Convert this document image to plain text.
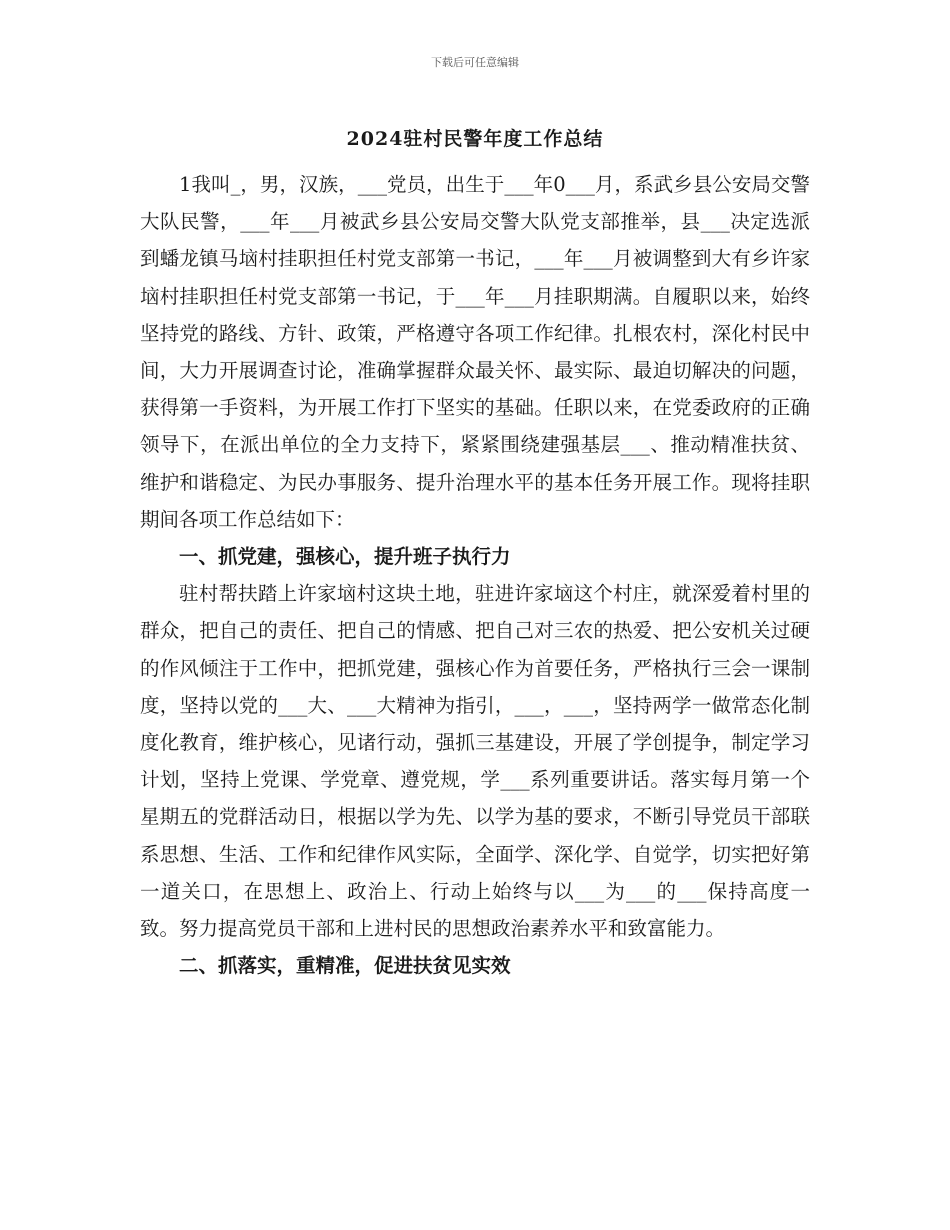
下载后可任意编辑
2024驻村民警年度工作总结

1我叫_，男，汉族，___党员，出生于___年0___月，系武乡县公安局交警大队民警，___年___月被武乡县公安局交警大队党支部推举，县___决定选派到蟠龙镇马垴村挂职担任村党支部第一书记，___年___月被调整到大有乡许家垴村挂职担任村党支部第一书记，于___年___月挂职期满。自履职以来，始终坚持党的路线、方针、政策，严格遵守各项工作纪律。扎根农村，深化村民中间，大力开展调查讨论，准确掌握群众最关怀、最实际、最迫切解决的问题，获得第一手资料，为开展工作打下坚实的基础。任职以来，在党委政府的正确领导下，在派出单位的全力支持下，紧紧围绕建强基层___、推动精准扶贫、维护和谐稳定、为民办事服务、提升治理水平的基本任务开展工作。现将挂职期间各项工作总结如下：

一、抓党建，强核心，提升班子执行力

驻村帮扶踏上许家垴村这块土地，驻进许家垴这个村庄，就深爱着村里的群众，把自己的责任、把自己的情感、把自己对三农的热爱、把公安机关过硬的作风倾注于工作中，把抓党建，强核心作为首要任务，严格执行三会一课制度，坚持以党的___大、___大精神为指引，___，___，坚持两学一做常态化制度化教育，维护核心，见诸行动，强抓三基建设，开展了学创提争，制定学习计划，坚持上党课、学党章、遵党规，学___系列重要讲话。落实每月第一个星期五的党群活动日，根据以学为先、以学为基的要求，不断引导党员干部联系思想、生活、工作和纪律作风实际，全面学、深化学、自觉学，切实把好第一道关口，在思想上、政治上、行动上始终与以___为___的___保持高度一致。努力提高党员干部和上进村民的思想政治素养水平和致富能力。

二、抓落实，重精准，促进扶贫见实效
